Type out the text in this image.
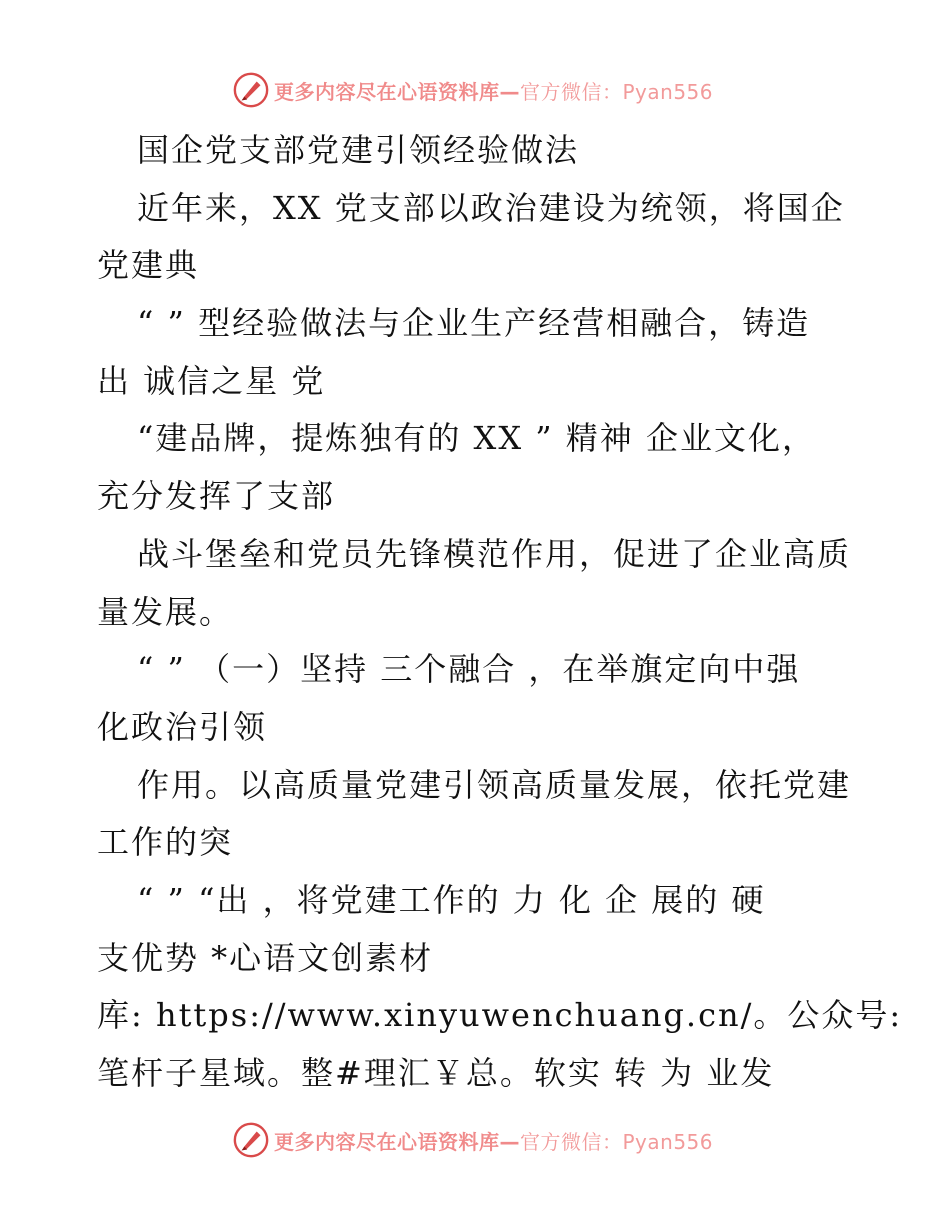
更多内容尽在心语资料库—官方微信：Pyan556
国企党支部党建引领经验做法
近年来，XX 党支部以政治建设为统领，将国企
党建典
“ ” 型经验做法与企业生产经营相融合，铸造
出 诚信之星 党
“建品牌，提炼独有的 XX ” 精神 企业文化，
充分发挥了支部
战斗堡垒和党员先锋模范作用，促进了企业高质
量发展。
“ ” （一）坚持 三个融合 ，在举旗定向中强
化政治引领
作用。以高质量党建引领高质量发展，依托党建
工作的突
“ ” “出 ，将党建工作的 力 化 企 展的 硬
支优势 *心语文创素材
库: https://www.xinyuwenchuang.cn/。公众号:
笔杆子星域。整#理汇￥总。软实 转 为 业发
更多内容尽在心语资料库—官方微信：Pyan556
